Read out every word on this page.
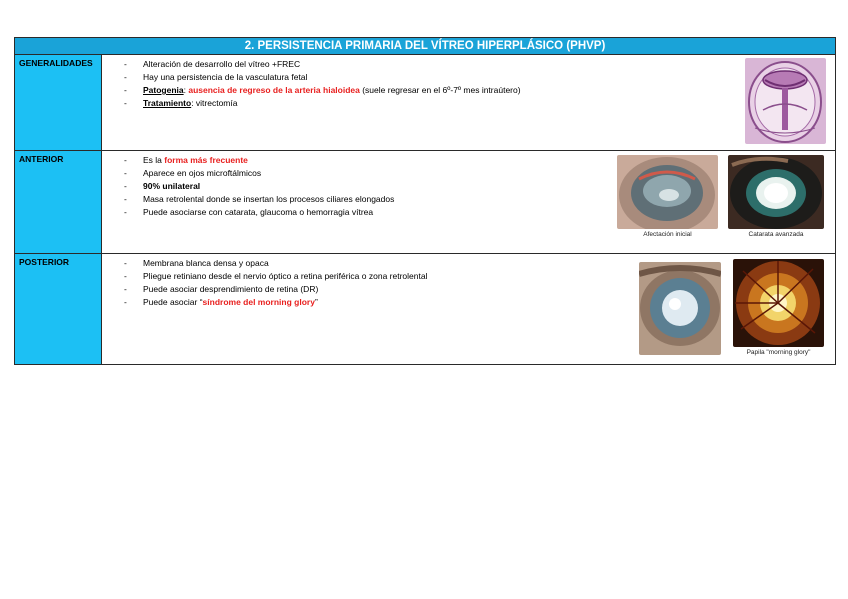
2. PERSISTENCIA PRIMARIA DEL VÍTREO HIPERPLÁSICO (PHVP)
GENERALIDADES	- Alteración de desarrollo del vítreo +FREC
- Hay una persistencia de la vasculatura fetal
- Patogenia: ausencia de regreso de la arteria hialoidea (suele regresar en el 6º-7º mes intraútero)
- Tratamiento: vitrectomía
ANTERIOR	- Es la forma más frecuente
- Aparece en ojos microftálmicos
- 90% unilateral
- Masa retrolental donde se insertan los procesos ciliares elongados
- Puede asociarse con catarata, glaucoma o hemorragia vítrea
Afectación inicial	Catarata avanzada
POSTERIOR	- Membrana blanca densa y opaca
- Pliegue retiniano desde el nervio óptico a retina periférica o zona retrolental
- Puede asociar desprendimiento de retina (DR)
- Puede asociar “síndrome del morning glory”
Papila "morning glory"
